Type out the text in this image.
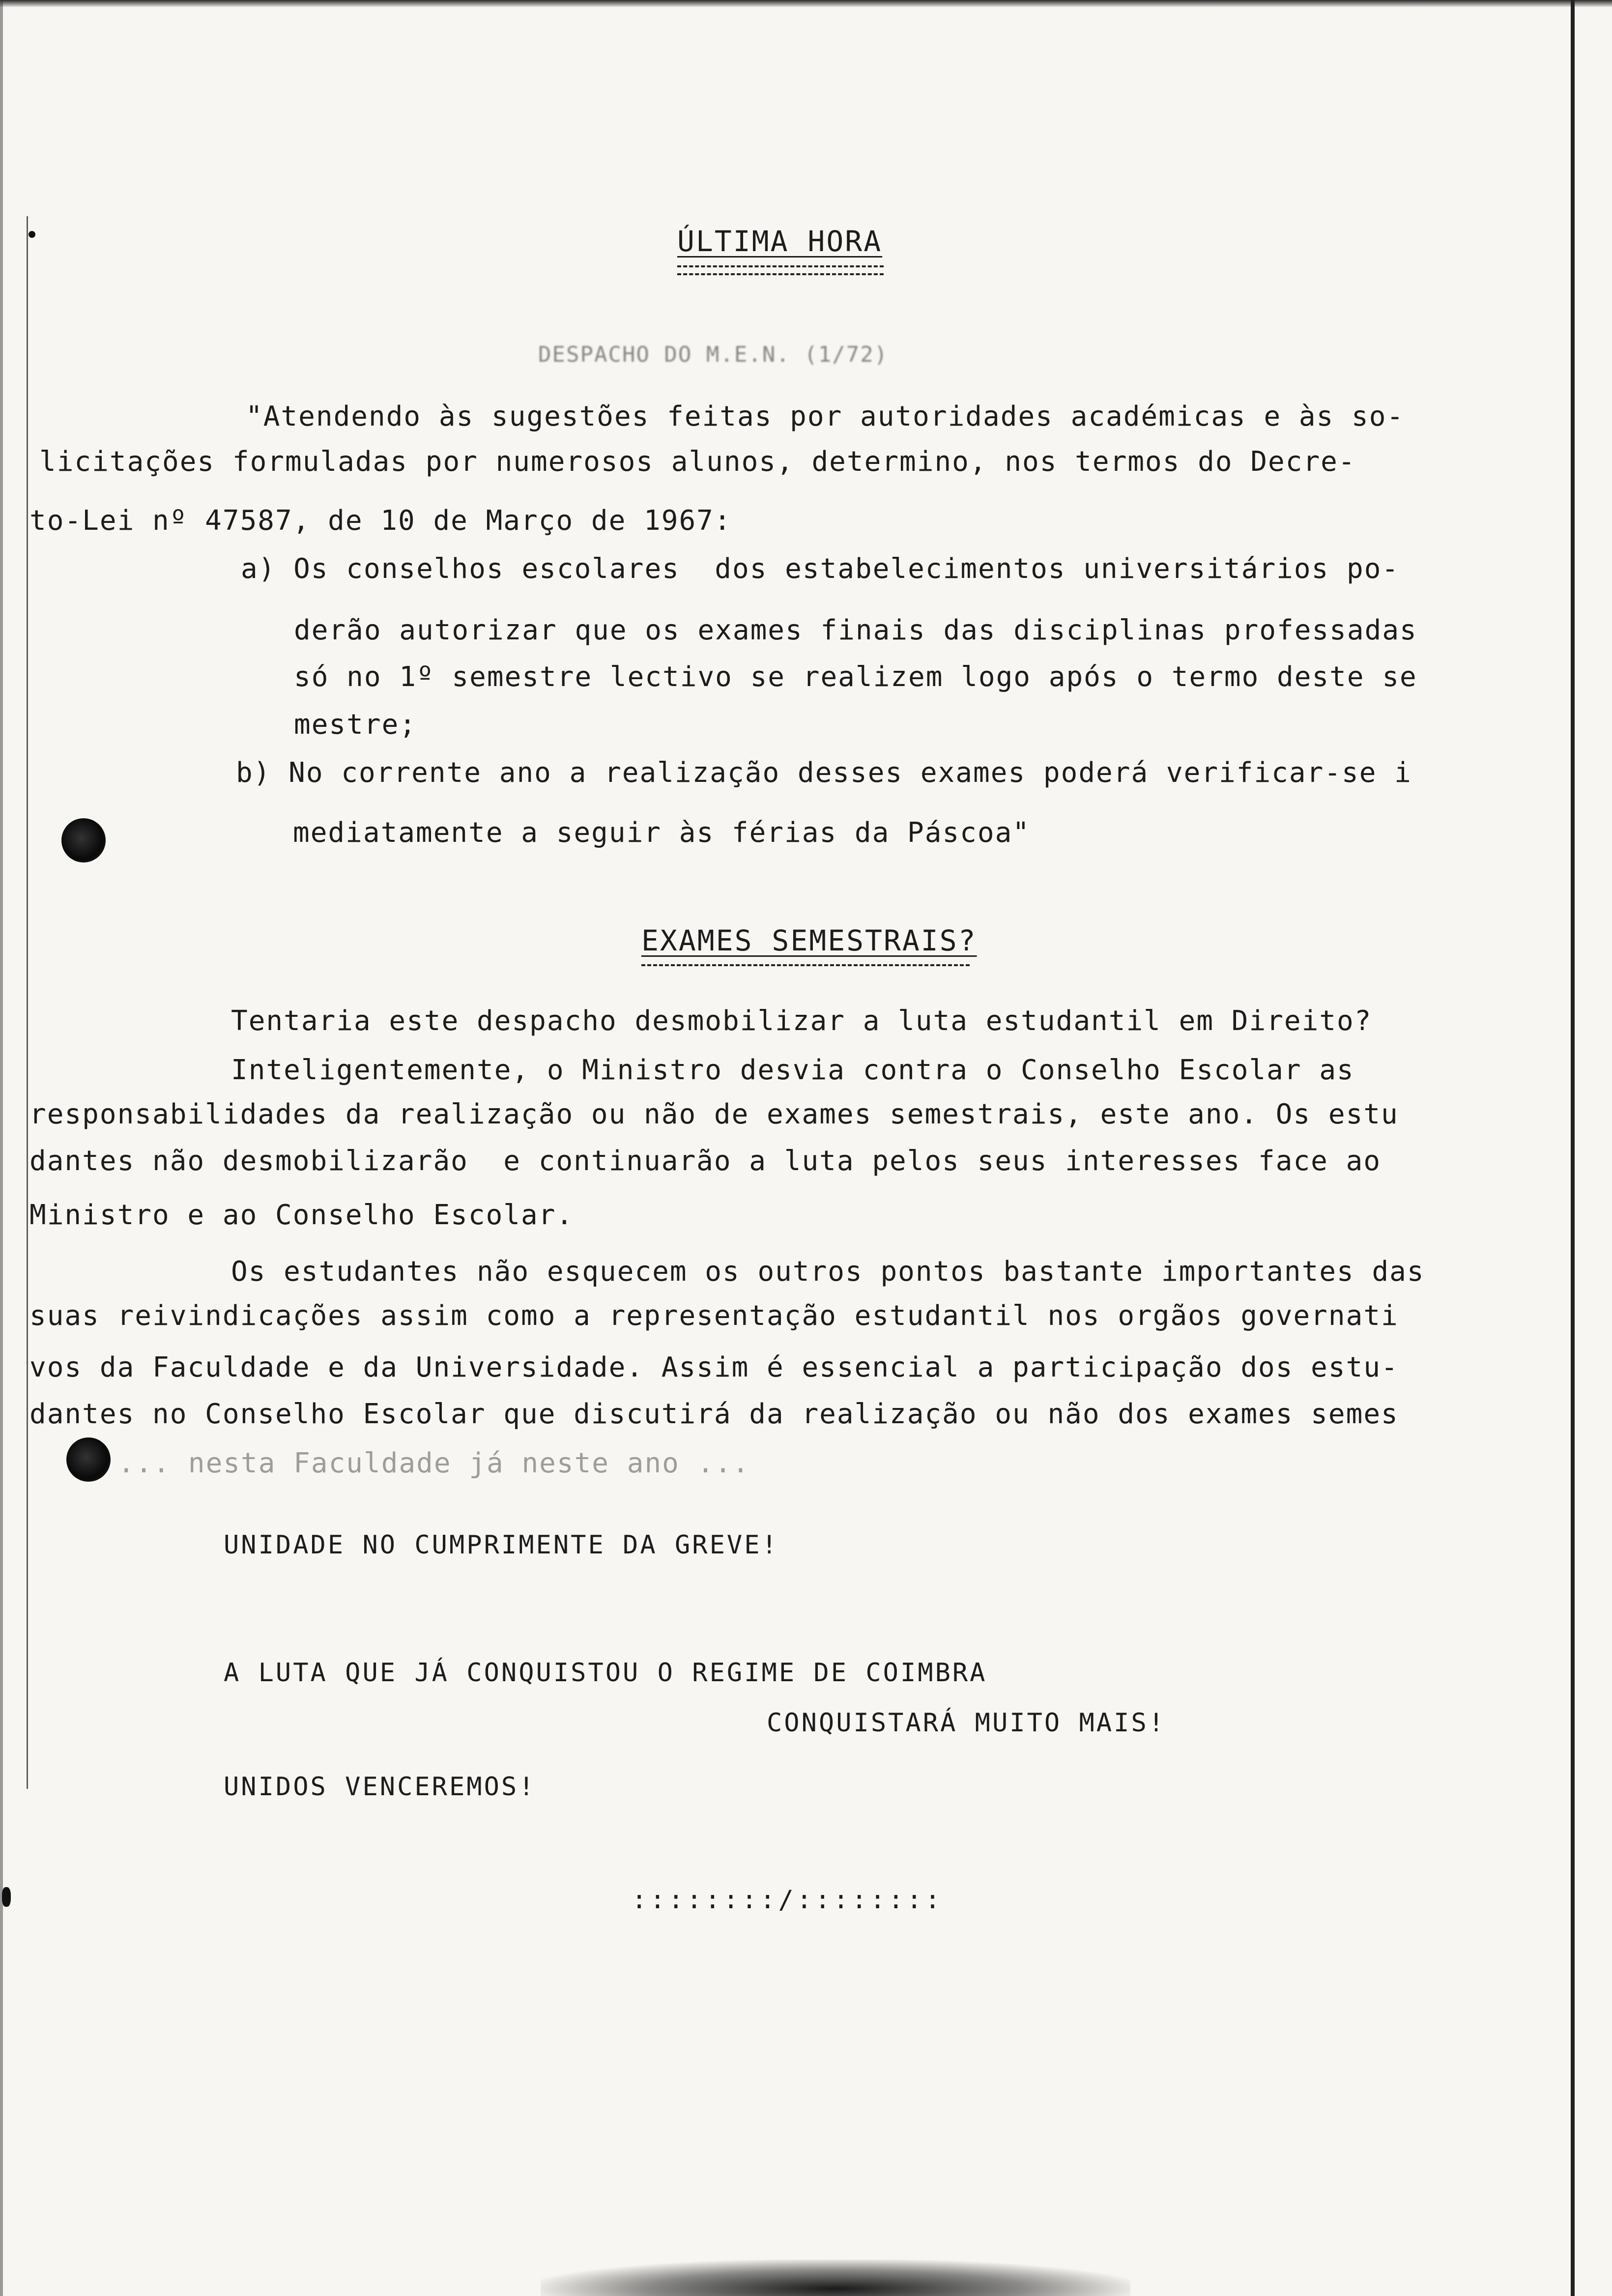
ÚLTIMA HORA
DESPACHO DO M.E.N. (1/72)
"Atendendo às sugestões feitas por autoridades académicas e às so-
licitações formuladas por numerosos alunos, determino, nos termos do Decre-
to-Lei nº 47587, de 10 de Março de 1967:
a) Os conselhos escolares  dos estabelecimentos universitários po-
derão autorizar que os exames finais das disciplinas professadas
só no 1º semestre lectivo se realizem logo após o termo deste se
mestre;
b) No corrente ano a realização desses exames poderá verificar-se i
mediatamente a seguir às férias da Páscoa"
EXAMES SEMESTRAIS?
Tentaria este despacho desmobilizar a luta estudantil em Direito?
Inteligentemente, o Ministro desvia contra o Conselho Escolar as
responsabilidades da realização ou não de exames semestrais, este ano. Os estu
dantes não desmobilizarão  e continuarão a luta pelos seus interesses face ao
Ministro e ao Conselho Escolar.
Os estudantes não esquecem os outros pontos bastante importantes das
suas reivindicações assim como a representação estudantil nos orgãos governati
vos da Faculdade e da Universidade. Assim é essencial a participação dos estu-
dantes no Conselho Escolar que discutirá da realização ou não dos exames semes
... nesta Faculdade já neste ano ...
UNIDADE NO CUMPRIMENTE DA GREVE!
A LUTA QUE JÁ CONQUISTOU O REGIME DE COIMBRA
CONQUISTARÁ MUITO MAIS!
UNIDOS VENCEREMOS!
::::::::/::::::::
